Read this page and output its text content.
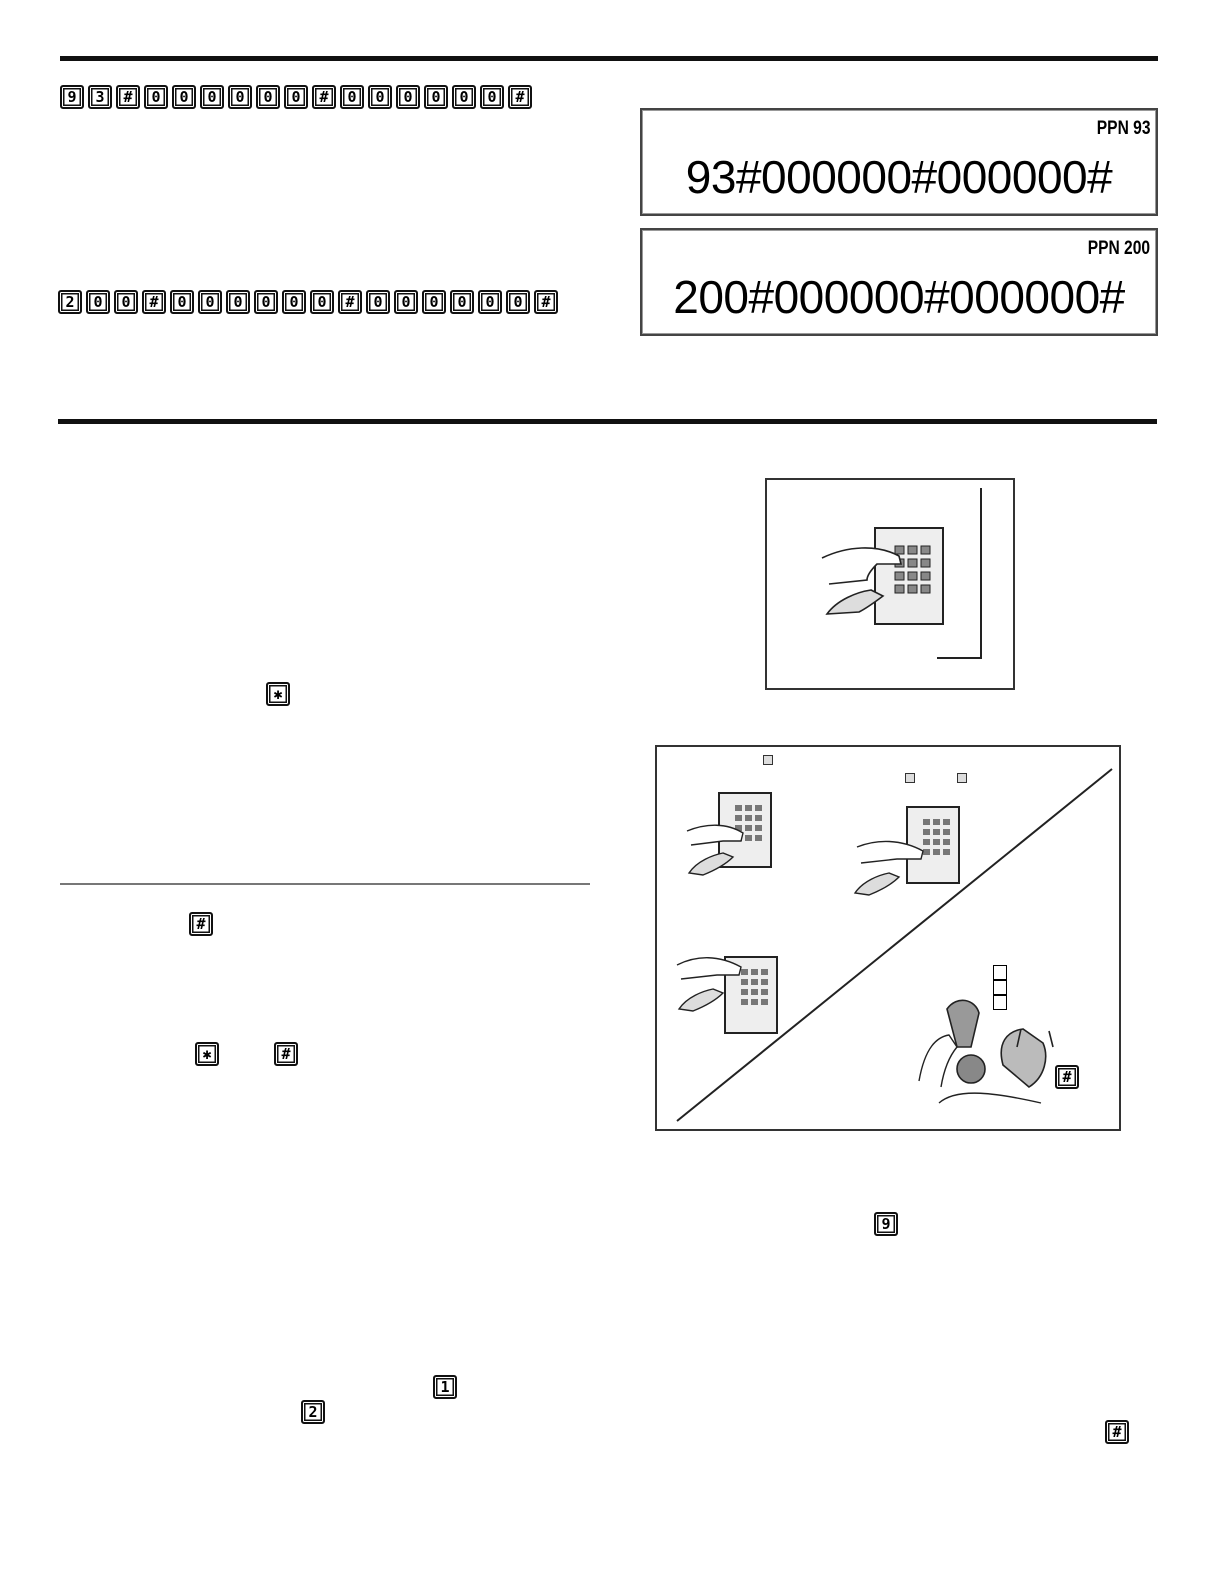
9	3	#	0	0	0	0	0	0	#	0	0	0	0	0	0	#
2	0	0	#	0	0	0	0	0	0	#	0	0	0	0	0	0	#
PPN 93
93#000000#000000#
PPN 200
200#000000#000000#
✱
#
✱	#
1
2
9
#
#
